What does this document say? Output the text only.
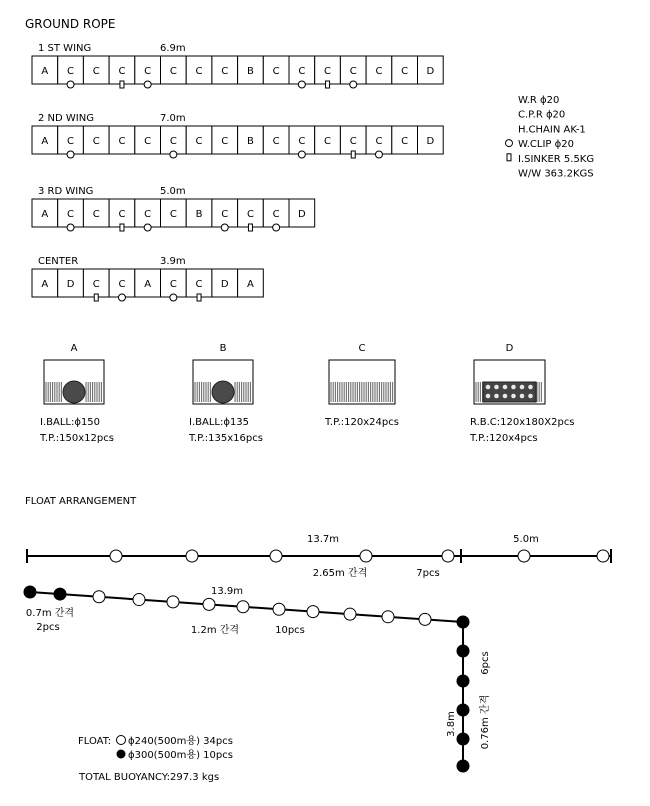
GROUND ROPE
1 ST WING	6.9m
A C C C C C C C B C C C C C C D
2 ND WING	7.0m
A C C C C C C C B C C C C C C D
3 RD WING	5.0m
A C C C C C B C C C D
CENTER	3.9m
A D C C A C C D A
W.R ϕ20
C.P.R ϕ20
H.CHAIN AK-1
W.CLIP ϕ20
I.SINKER 5.5KG
W/W 363.2KGS
A
I.BALL:ϕ150
T.P.:150x12pcs
B
I.BALL:ϕ135
T.P.:135x16pcs
C
T.P.:120x24pcs
D
R.B.C:120x180X2pcs
T.P.:120x4pcs
FLOAT ARRANGEMENT
13.7m	5.0m
2.65m 간격	7pcs
13.9m
1.2m 간격	10pcs
0.7m 간격
2pcs
6pcs
3.8m 0.76m 간격
FLOAT: ϕ240(500m용) 34pcs
ϕ300(500m용) 10pcs
TOTAL BUOYANCY:297.3 kgs
